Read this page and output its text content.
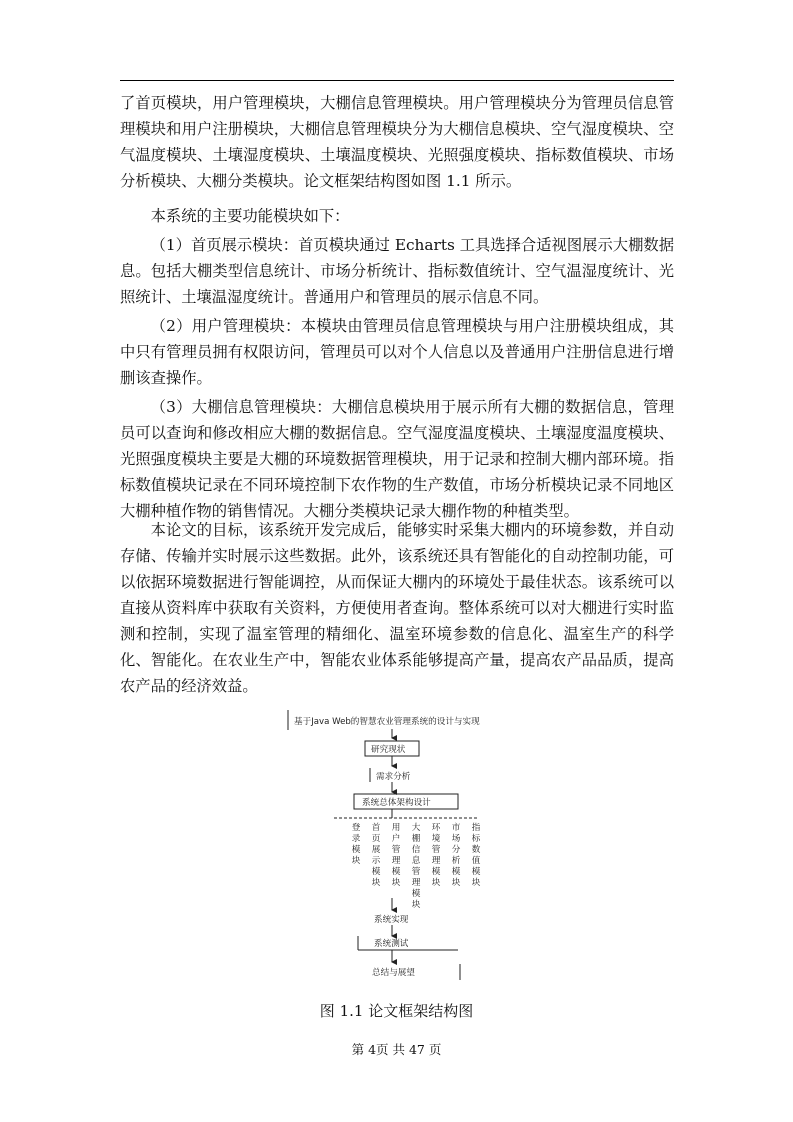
了首页模块，用户管理模块，大棚信息管理模块。用户管理模块分为管理员信息管理模块和用户注册模块，大棚信息管理模块分为大棚信息模块、空气湿度模块、空气温度模块、土壤湿度模块、土壤温度模块、光照强度模块、指标数值模块、市场分析模块、大棚分类模块。论文框架结构图如图 1.1 所示。

本系统的主要功能模块如下：

（1）首页展示模块：首页模块通过 Echarts 工具选择合适视图展示大棚数据息。包括大棚类型信息统计、市场分析统计、指标数值统计、空气温湿度统计、光照统计、土壤温湿度统计。普通用户和管理员的展示信息不同。

（2）用户管理模块：本模块由管理员信息管理模块与用户注册模块组成，其中只有管理员拥有权限访问，管理员可以对个人信息以及普通用户注册信息进行增删该查操作。

（3）大棚信息管理模块：大棚信息模块用于展示所有大棚的数据信息，管理员可以查询和修改相应大棚的数据信息。空气湿度温度模块、土壤湿度温度模块、光照强度模块主要是大棚的环境数据管理模块，用于记录和控制大棚内部环境。指标数值模块记录在不同环境控制下农作物的生产数值，市场分析模块记录不同地区大棚种植作物的销售情况。大棚分类模块记录大棚作物的种植类型。

本论文的目标，该系统开发完成后，能够实时采集大棚内的环境参数，并自动存储、传输并实时展示这些数据。此外，该系统还具有智能化的自动控制功能，可以依据环境数据进行智能调控，从而保证大棚内的环境处于最佳状态。该系统可以直接从资料库中获取有关资料，方便使用者查询。整体系统可以对大棚进行实时监测和控制，实现了温室管理的精细化、温室环境参数的信息化、温室生产的科学化、智能化。在农业生产中，智能农业体系能够提高产量，提高农产品品质，提高农产品的经济效益。

基于Java Web的智慧农业管理系统的设计与实现
研究现状
需求分析
系统总体架构设计
登录模块
首页展示模块
用户管理模块
大棚信息管理模块
环境管理模块
市场分析模块
指标数值模块
系统实现
系统测试
总结与展望
图 1.1 论文框架结构图
第 4页 共 47 页
